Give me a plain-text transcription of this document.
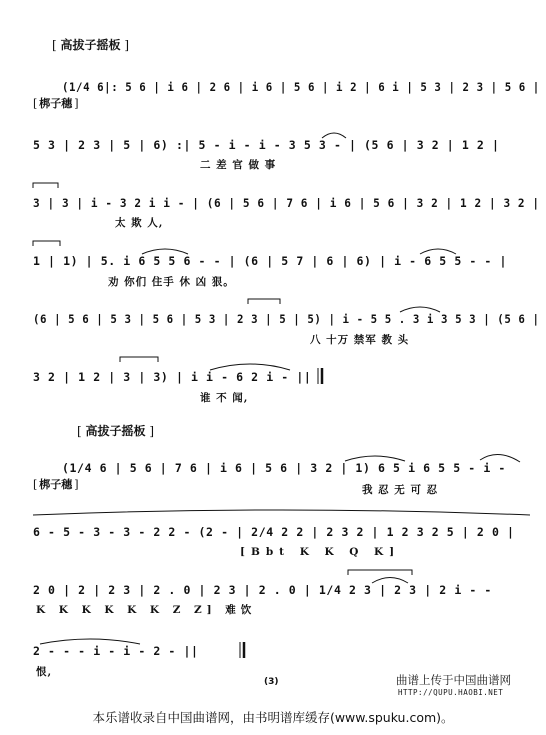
[ 高拔子摇板 ]
[ 梆子穗 ]
(1/4 6|: 5 6 | i 6 | 2 6 | i 6 | 5 6 | i 2 | 6 i | 5 3 | 2 3 | 5 6 |
5 3 | 2 3 | 5 | 6) :| 5 - i - i - 3 5 3 - | (5 6 | 3 2 | 1 2 |
二 差 官 做 事
3 | 3 | i - 3 2 i i - | (6 | 5 6 | 7 6 | i 6 | 5 6 | 3 2 | 1 2 | 3 2 |
太 欺 人,
1 | 1) | 5. i 6 5 5 6 - - | (6 | 5 7 | 6 | 6) | i - 6 5 5 - - |
劝 你们 住手 休 凶 狠。
(6 | 5 6 | 5 3 | 5 6 | 5 3 | 2 3 | 5 | 5) | i - 5 5 . 3 i 3 5 3 | (5 6 |
八 十万 禁军 教 头
3 2 | 1 2 | 3 | 3) | i i - 6 2 i - ||
谁 不 闻,
[ 高拔子摇板 ]
[ 梆子穗 ]
(1/4 6 | 5 6 | 7 6 | i 6 | 5 6 | 3 2 | 1) 6 5 i 6 5 5 - i -
我 忍 无 可 忍
6 - 5 - 3 - 3 - 2 2 - (2 - | 2/4 2 2 | 2 3 2 | 1 2 3 2 5 | 2 0 |
[Bbt K K Q K]
2 0 | 2 | 2 3 | 2 . 0 | 2 3 | 2 . 0 | 1/4 2 3 | 2 3 | 2 i - -
K K K K K K Z Z] 难饮
2 - - - i - i - 2 - ||
恨,
(3)	曲谱上传于中国曲谱网
HTTP://QUPU.HAOBI.NET
本乐谱收录自中国曲谱网，由书明谱库缓存(www.spuku.com)。
